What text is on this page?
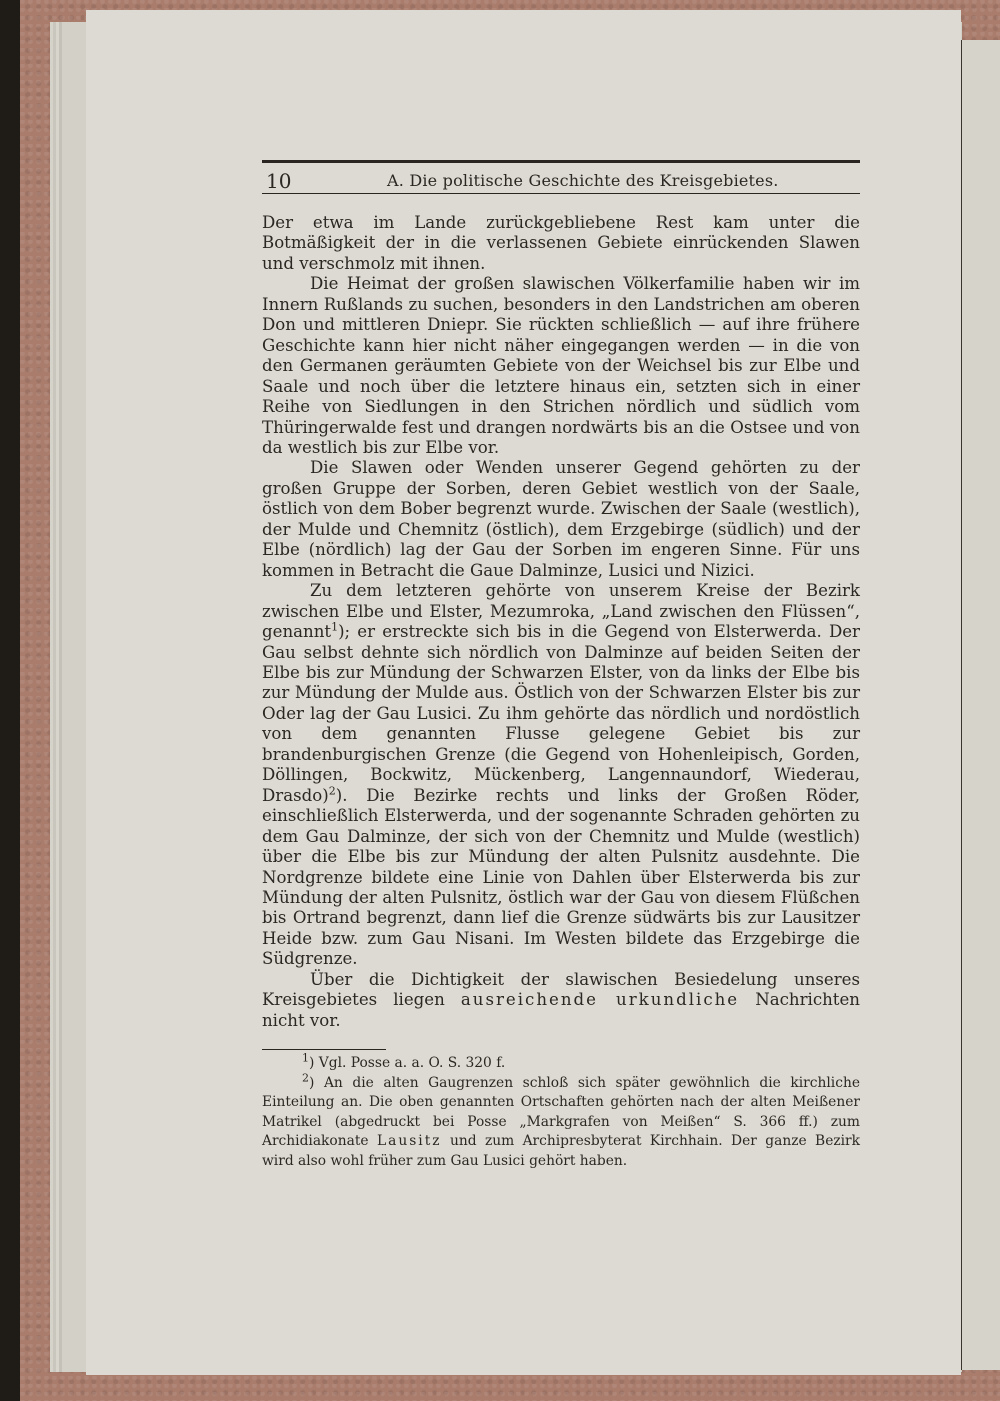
10	A. Die politische Geschichte des Kreisgebietes.

Der etwa im Lande zurückgebliebene Rest kam unter die Botmäßigkeit der in die verlassenen Gebiete einrückenden Slawen und verschmolz mit ihnen.

Die Heimat der großen slawischen Völkerfamilie haben wir im Innern Rußlands zu suchen, besonders in den Landstrichen am oberen Don und mittleren Dniepr. Sie rückten schließlich — auf ihre frühere Geschichte kann hier nicht näher eingegangen werden — in die von den Germanen geräumten Gebiete von der Weichsel bis zur Elbe und Saale und noch über die letztere hinaus ein, setzten sich in einer Reihe von Siedlungen in den Strichen nördlich und südlich vom Thüringerwalde fest und drangen nordwärts bis an die Ostsee und von da westlich bis zur Elbe vor.

Die Slawen oder Wenden unserer Gegend gehörten zu der großen Gruppe der Sorben, deren Gebiet westlich von der Saale, östlich von dem Bober begrenzt wurde. Zwischen der Saale (westlich), der Mulde und Chemnitz (östlich), dem Erzgebirge (südlich) und der Elbe (nördlich) lag der Gau der Sorben im engeren Sinne. Für uns kommen in Betracht die Gaue Dalminze, Lusici und Nizici.

Zu dem letzteren gehörte von unserem Kreise der Bezirk zwischen Elbe und Elster, Mezumroka, „Land zwischen den Flüssen“, genannt$^1$); er erstreckte sich bis in die Gegend von Elsterwerda. Der Gau selbst dehnte sich nördlich von Dalminze auf beiden Seiten der Elbe bis zur Mündung der Schwarzen Elster, von da links der Elbe bis zur Mündung der Mulde aus. Östlich von der Schwarzen Elster bis zur Oder lag der Gau Lusici. Zu ihm gehörte das nördlich und nordöstlich von dem genannten Flusse gelegene Gebiet bis zur brandenburgischen Grenze (die Gegend von Hohenleipisch, Gorden, Döllingen, Bockwitz, Mückenberg, Langennaundorf, Wiederau, Drasdo)$^2$). Die Bezirke rechts und links der Großen Röder, einschließlich Elsterwerda, und der sogenannte Schraden gehörten zu dem Gau Dalminze, der sich von der Chemnitz und Mulde (westlich) über die Elbe bis zur Mündung der alten Pulsnitz ausdehnte. Die Nordgrenze bildete eine Linie von Dahlen über Elsterwerda bis zur Mündung der alten Pulsnitz, östlich war der Gau von diesem Flüßchen bis Ortrand begrenzt, dann lief die Grenze südwärts bis zur Lausitzer Heide bzw. zum Gau Nisani. Im Westen bildete das Erzgebirge die Südgrenze.

Über die Dichtigkeit der slawischen Besiedelung unseres Kreisgebietes liegen ausreichende urkundliche Nachrichten nicht vor.

$^1$) Vgl. Posse a. a. O. S. 320 f.

$^2$) An die alten Gaugrenzen schloß sich später gewöhnlich die kirchliche Einteilung an. Die oben genannten Ortschaften gehörten nach der alten Meißener Matrikel (abgedruckt bei Posse „Markgrafen von Meißen“ S. 366 ff.) zum Archidiakonate Lausitz und zum Archipresbyterat Kirchhain. Der ganze Bezirk wird also wohl früher zum Gau Lusici gehört haben.
